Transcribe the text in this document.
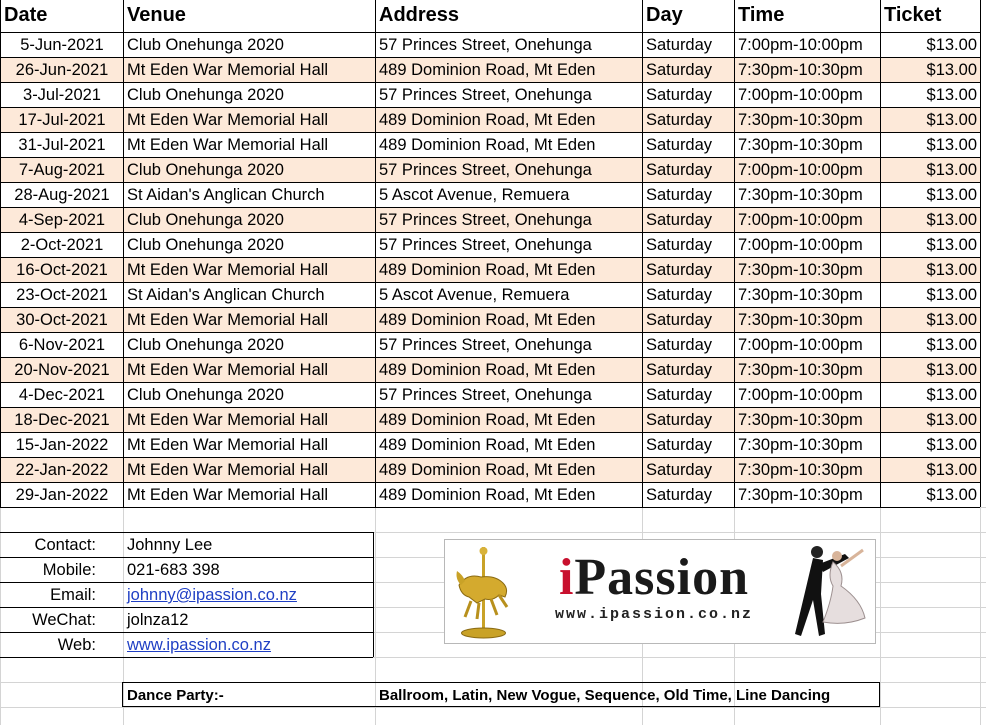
Date	Venue	Address	Day	Time	Ticket
5-Jun-2021	Club Onehunga 2020	57 Princes Street, Onehunga	Saturday	7:00pm-10:00pm	$13.00
26-Jun-2021	Mt Eden War Memorial Hall	489 Dominion Road, Mt Eden	Saturday	7:30pm-10:30pm	$13.00
3-Jul-2021	Club Onehunga 2020	57 Princes Street, Onehunga	Saturday	7:00pm-10:00pm	$13.00
17-Jul-2021	Mt Eden War Memorial Hall	489 Dominion Road, Mt Eden	Saturday	7:30pm-10:30pm	$13.00
31-Jul-2021	Mt Eden War Memorial Hall	489 Dominion Road, Mt Eden	Saturday	7:30pm-10:30pm	$13.00
7-Aug-2021	Club Onehunga 2020	57 Princes Street, Onehunga	Saturday	7:00pm-10:00pm	$13.00
28-Aug-2021	St Aidan's Anglican Church	5 Ascot Avenue, Remuera	Saturday	7:30pm-10:30pm	$13.00
4-Sep-2021	Club Onehunga 2020	57 Princes Street, Onehunga	Saturday	7:00pm-10:00pm	$13.00
2-Oct-2021	Club Onehunga 2020	57 Princes Street, Onehunga	Saturday	7:00pm-10:00pm	$13.00
16-Oct-2021	Mt Eden War Memorial Hall	489 Dominion Road, Mt Eden	Saturday	7:30pm-10:30pm	$13.00
23-Oct-2021	St Aidan's Anglican Church	5 Ascot Avenue, Remuera	Saturday	7:30pm-10:30pm	$13.00
30-Oct-2021	Mt Eden War Memorial Hall	489 Dominion Road, Mt Eden	Saturday	7:30pm-10:30pm	$13.00
6-Nov-2021	Club Onehunga 2020	57 Princes Street, Onehunga	Saturday	7:00pm-10:00pm	$13.00
20-Nov-2021	Mt Eden War Memorial Hall	489 Dominion Road, Mt Eden	Saturday	7:30pm-10:30pm	$13.00
4-Dec-2021	Club Onehunga 2020	57 Princes Street, Onehunga	Saturday	7:00pm-10:00pm	$13.00
18-Dec-2021	Mt Eden War Memorial Hall	489 Dominion Road, Mt Eden	Saturday	7:30pm-10:30pm	$13.00
15-Jan-2022	Mt Eden War Memorial Hall	489 Dominion Road, Mt Eden	Saturday	7:30pm-10:30pm	$13.00
22-Jan-2022	Mt Eden War Memorial Hall	489 Dominion Road, Mt Eden	Saturday	7:30pm-10:30pm	$13.00
29-Jan-2022	Mt Eden War Memorial Hall	489 Dominion Road, Mt Eden	Saturday	7:30pm-10:30pm	$13.00
Contact:	Johnny Lee
Mobile:	021-683 398
Email:	johnny@ipassion.co.nz
WeChat:	jolnza12
Web:	www.ipassion.co.nz
Dance Party:-	Ballroom, Latin, New Vogue, Sequence, Old Time, Line Dancing
iPassion
www.ipassion.co.nz
